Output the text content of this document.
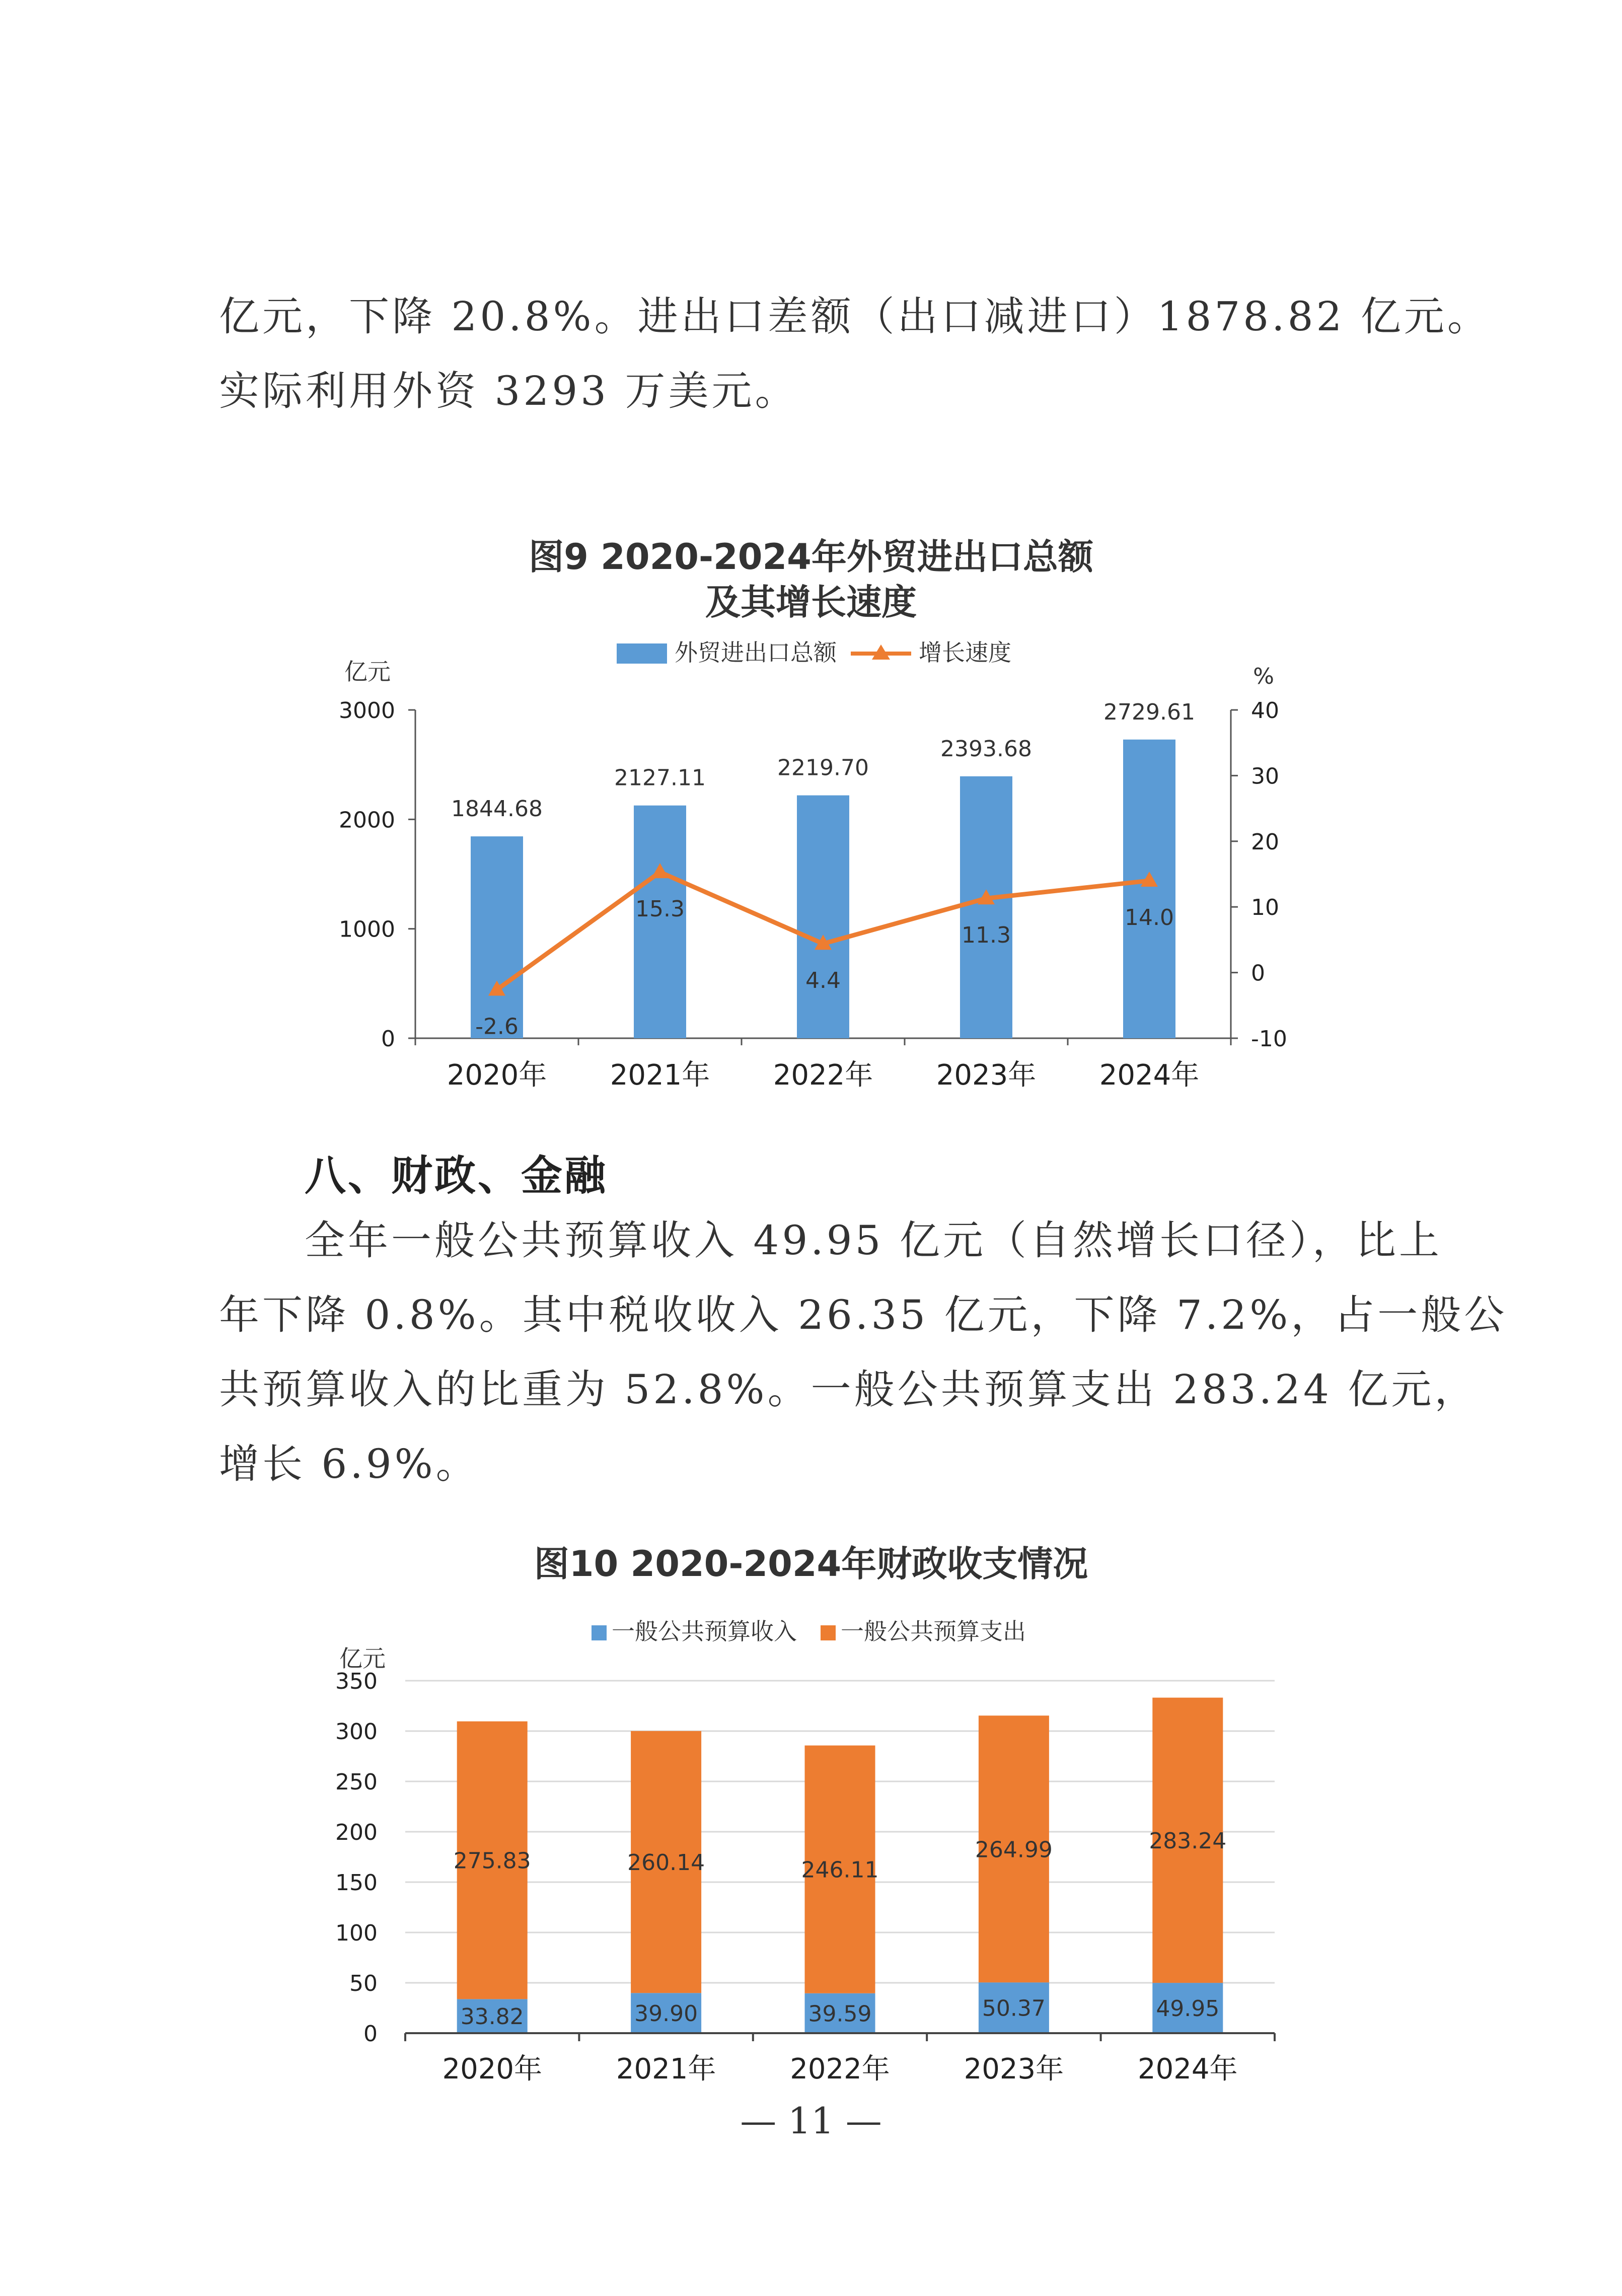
亿元，下降 20.8%。进出口差额（出口减进口）1878.82 亿元。
实际利用外资 3293 万美元。
图9 2020-2024年外贸进出口总额
及其增长速度
外贸进出口总额	增长速度
亿元	%
0
1000
2000
3000
-10
0
10
20
30
40
1844.68
2127.11	2219.70
2393.68
2729.61
-2.6
15.3
4.4
11.3
14.0
2020年 2021年 2022年 2023年 2024年
八、财政、金融
全年一般公共预算收入 49.95 亿元（自然增长口径），比上
年下降 0.8%。其中税收收入 26.35 亿元，下降 7.2%，占一般公
共预算收入的比重为 52.8%。一般公共预算支出 283.24 亿元，
增长 6.9%。
图10 2020-2024年财政收支情况
一般公共预算收入 一般公共预算支出
亿元
0
50
100
150
200
250
300
350
33.82
275.83
39.90
260.14
39.59
246.11
50.37
264.99
49.95
283.24
2020年	2021年	2022年	2023年	2024年
— 11 —
